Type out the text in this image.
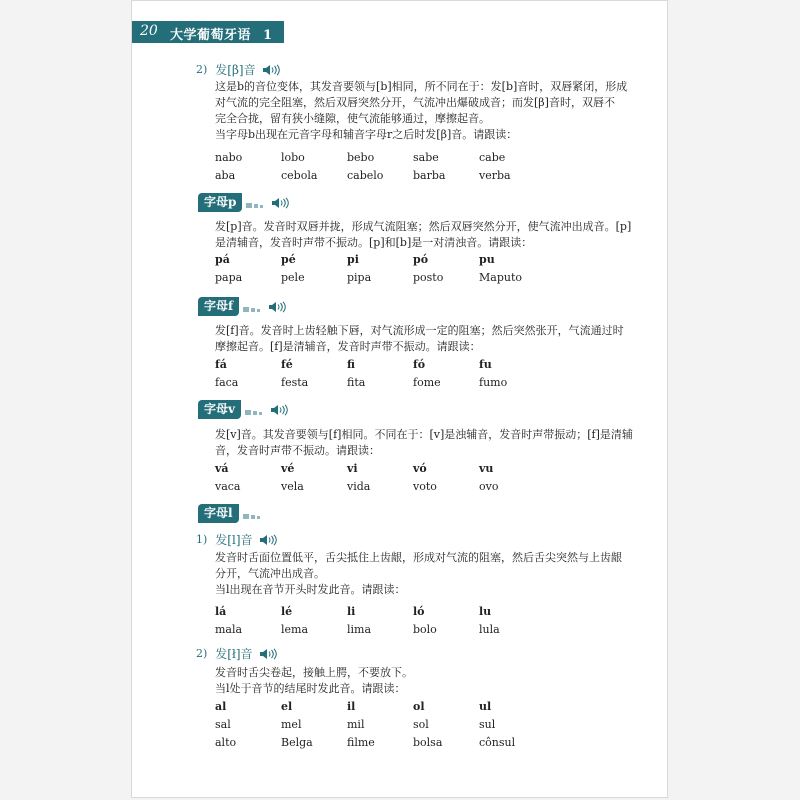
20 大学葡萄牙语 1
2) 发[β]音

这是b的音位变体，其发音要领与[b]相同，所不同在于：发[b]音时，双唇紧闭，形成

对气流的完全阻塞，然后双唇突然分开，气流冲出爆破成音；而发[β]音时，双唇不

完全合拢，留有狭小缝隙，使气流能够通过，摩擦起音。

当字母b出现在元音字母和辅音字母r之后时发[β]音。请跟读：

nabo	lobo	bebo	sabe	cabe
aba	cebola	cabelo	barba	verba
字母p

发[p]音。发音时双唇并拢，形成气流阻塞；然后双唇突然分开，使气流冲出成音。[p]

是清辅音，发音时声带不振动。[p]和[b]是一对清浊音。请跟读：

pá	pé	pi	pó	pu
papa	pele	pipa	posto	Maputo
字母f

发[f]音。发音时上齿轻触下唇，对气流形成一定的阻塞；然后突然张开，气流通过时

摩擦起音。[f]是清辅音，发音时声带不振动。请跟读：

fá	fé	fi	fó	fu
faca	festa	fita	fome	fumo
字母v

发[v]音。其发音要领与[f]相同。不同在于：[v]是浊辅音，发音时声带振动；[f]是清辅

音，发音时声带不振动。请跟读：

vá	vé	vi	vó	vu
vaca	vela	vida	voto	ovo
字母l
1) 发[l]音

发音时舌面位置低平，舌尖抵住上齿龈，形成对气流的阻塞，然后舌尖突然与上齿龈

分开，气流冲出成音。

当l出现在音节开头时发此音。请跟读：

lá	lé	li	ló	lu
mala	lema	lima	bolo	lula
2) 发[ł]音

发音时舌尖卷起，接触上腭，不要放下。

当l处于音节的结尾时发此音。请跟读：

al	el	il	ol	ul
sal	mel	mil	sol	sul
alto	Belga	filme	bolsa	cônsul
